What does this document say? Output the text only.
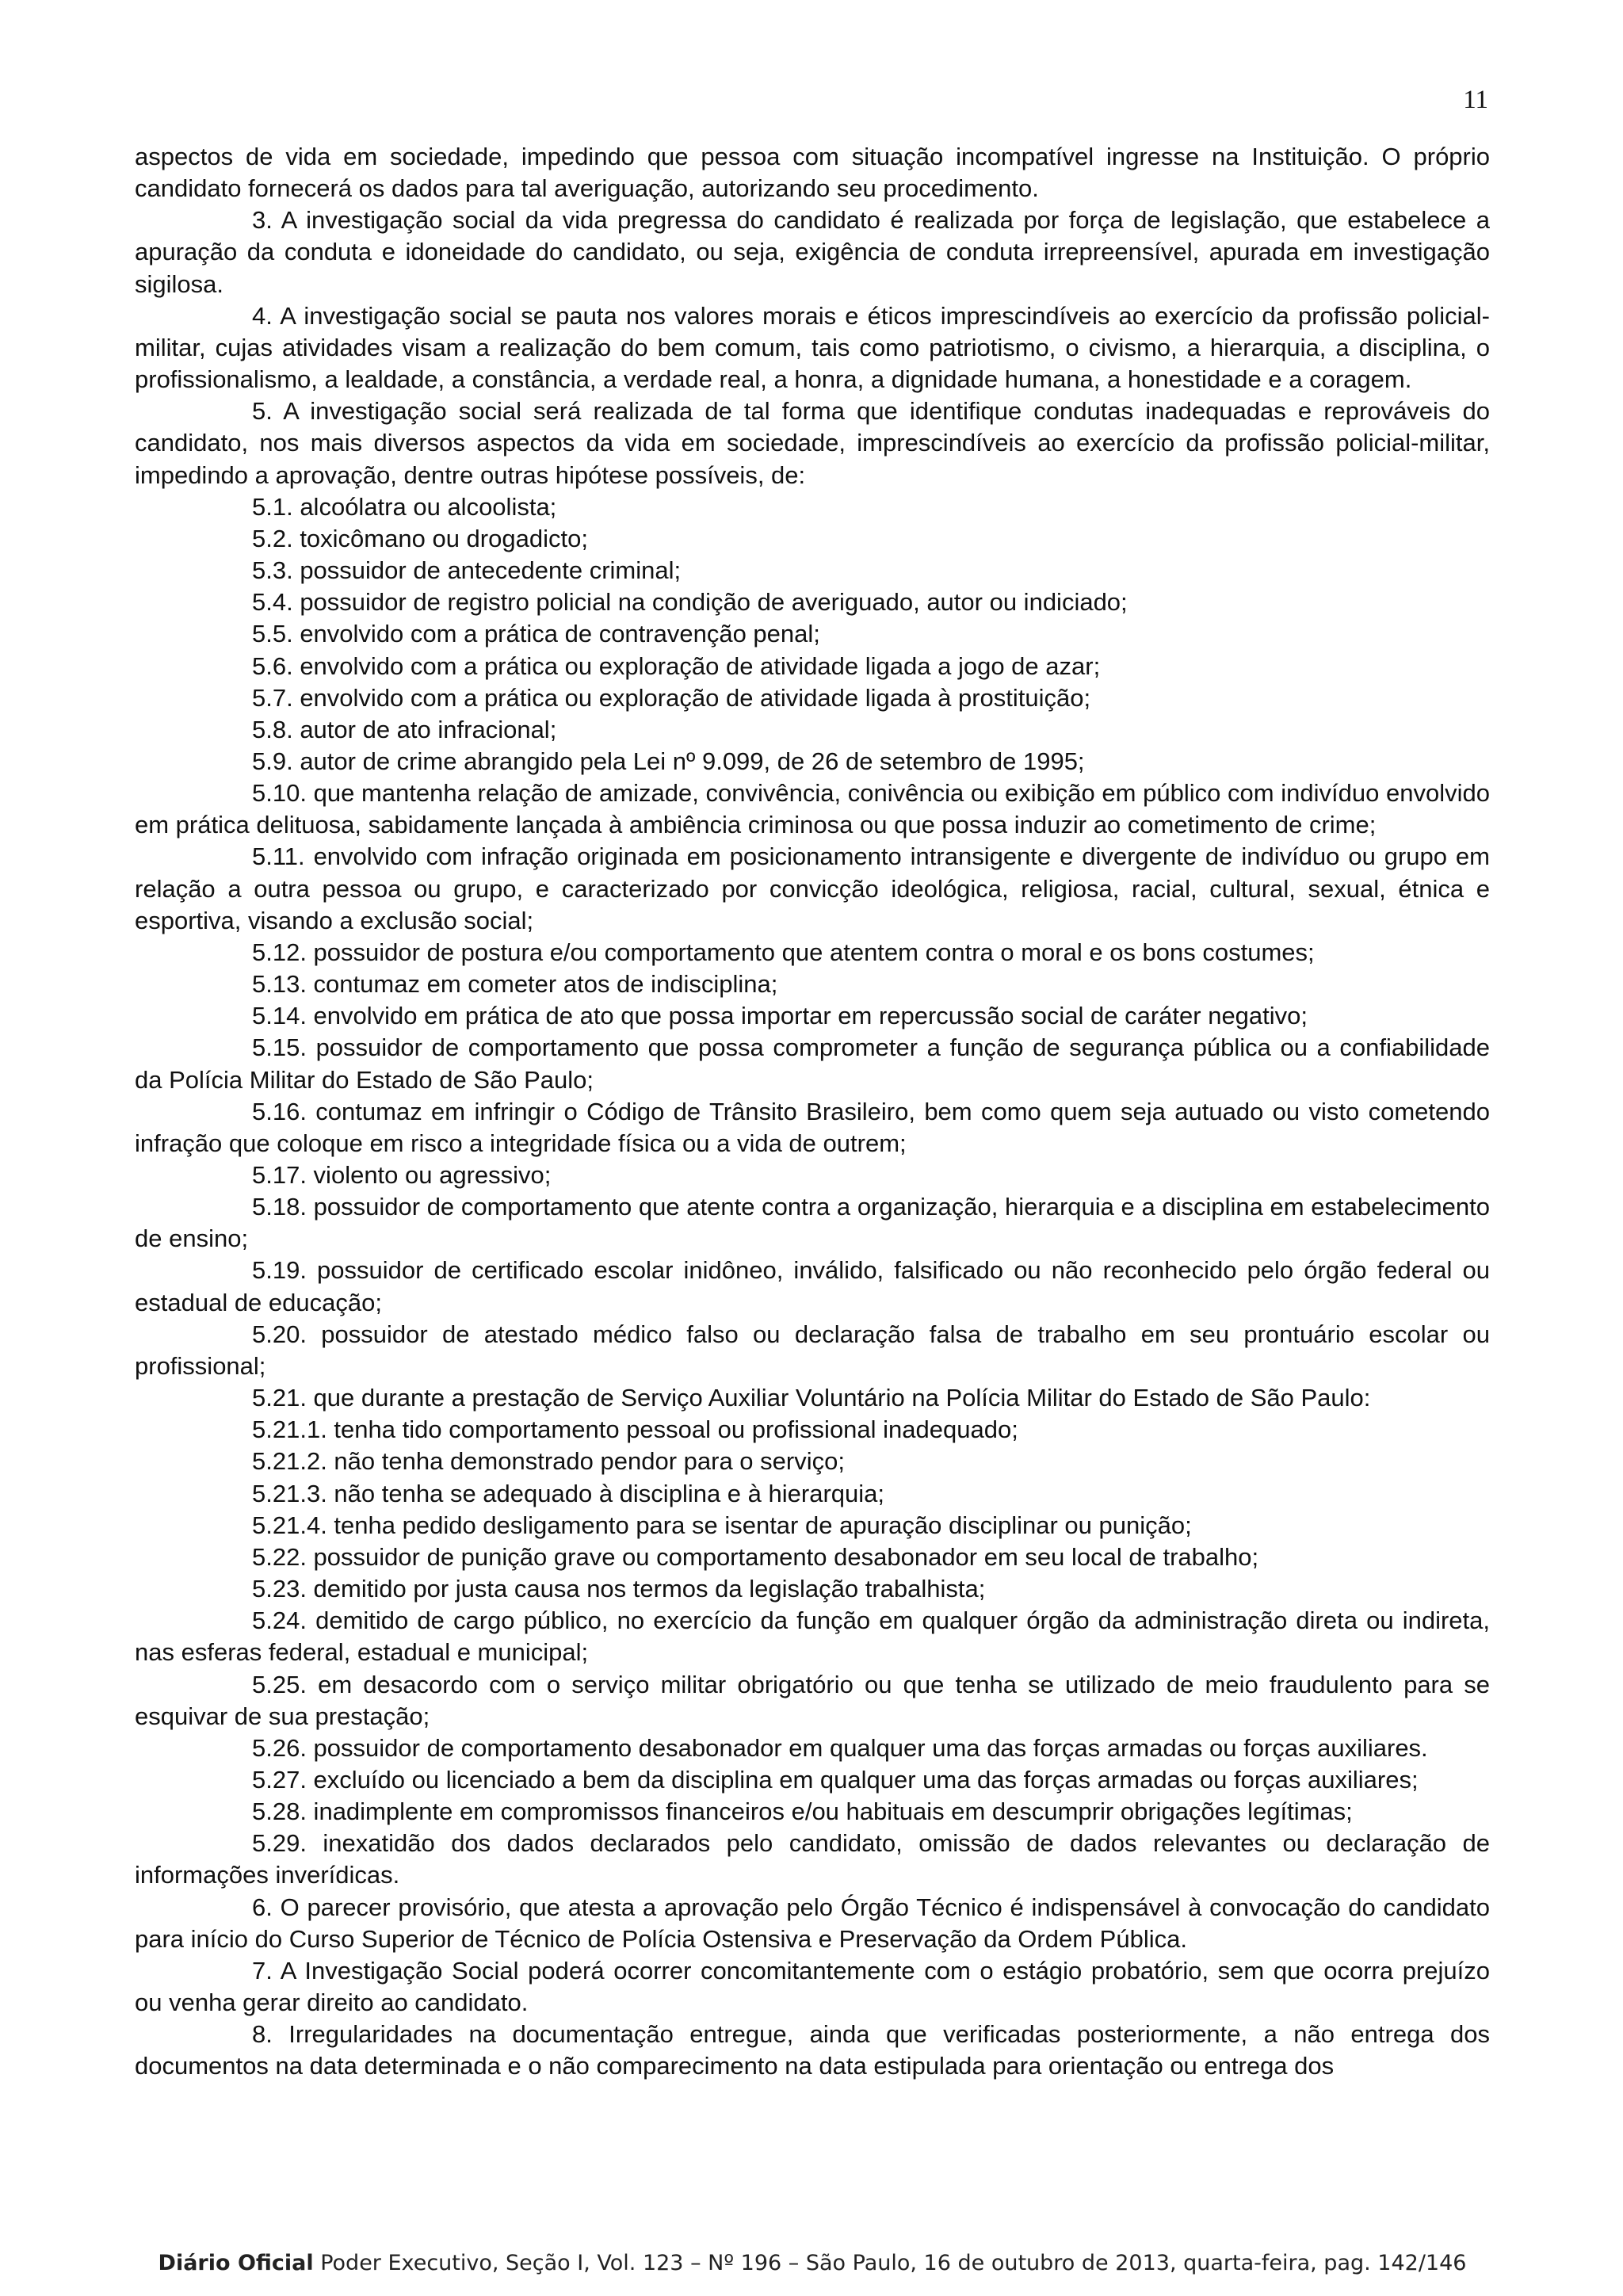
11

aspectos de vida em sociedade, impedindo que pessoa com situação incompatível ingresse na Instituição. O próprio candidato fornecerá os dados para tal averiguação, autorizando seu procedimento.

3. A investigação social da vida pregressa do candidato é realizada por força de legislação, que estabelece a apuração da conduta e idoneidade do candidato, ou seja, exigência de conduta irrepreensível, apurada em investigação sigilosa.

4. A investigação social se pauta nos valores morais e éticos imprescindíveis ao exercício da profissão policial-militar, cujas atividades visam a realização do bem comum, tais como patriotismo, o civismo, a hierarquia, a disciplina, o profissionalismo, a lealdade, a constância, a verdade real, a honra, a dignidade humana, a honestidade e a coragem.

5. A investigação social será realizada de tal forma que identifique condutas inadequadas e reprováveis do candidato, nos mais diversos aspectos da vida em sociedade, imprescindíveis ao exercício da profissão policial-militar, impedindo a aprovação, dentre outras hipótese possíveis, de:

5.1. alcoólatra ou alcoolista;

5.2. toxicômano ou drogadicto;

5.3. possuidor de antecedente criminal;

5.4. possuidor de registro policial na condição de averiguado, autor ou indiciado;

5.5. envolvido com a prática de contravenção penal;

5.6. envolvido com a prática ou exploração de atividade ligada a jogo de azar;

5.7. envolvido com a prática ou exploração de atividade ligada à prostituição;

5.8. autor de ato infracional;

5.9. autor de crime abrangido pela Lei nº 9.099, de 26 de setembro de 1995;

5.10. que mantenha relação de amizade, convivência, conivência ou exibição em público com indivíduo envolvido em prática delituosa, sabidamente lançada à ambiência criminosa ou que possa induzir ao cometimento de crime;

5.11. envolvido com infração originada em posicionamento intransigente e divergente de indivíduo ou grupo em relação a outra pessoa ou grupo, e caracterizado por convicção ideológica, religiosa, racial, cultural, sexual, étnica e esportiva, visando a exclusão social;

5.12. possuidor de postura e/ou comportamento que atentem contra o moral e os bons costumes;

5.13. contumaz em cometer atos de indisciplina;

5.14. envolvido em prática de ato que possa importar em repercussão social de caráter negativo;

5.15. possuidor de comportamento que possa comprometer a função de segurança pública ou a confiabilidade da Polícia Militar do Estado de São Paulo;

5.16. contumaz em infringir o Código de Trânsito Brasileiro, bem como quem seja autuado ou visto cometendo infração que coloque em risco a integridade física ou a vida de outrem;

5.17. violento ou agressivo;

5.18. possuidor de comportamento que atente contra a organização, hierarquia e a disciplina em estabelecimento de ensino;

5.19. possuidor de certificado escolar inidôneo, inválido, falsificado ou não reconhecido pelo órgão federal ou estadual de educação;

5.20. possuidor de atestado médico falso ou declaração falsa de trabalho em seu prontuário escolar ou profissional;

5.21. que durante a prestação de Serviço Auxiliar Voluntário na Polícia Militar do Estado de São Paulo:

5.21.1. tenha tido comportamento pessoal ou profissional inadequado;

5.21.2. não tenha demonstrado pendor para o serviço;

5.21.3. não tenha se adequado à disciplina e à hierarquia;

5.21.4. tenha pedido desligamento para se isentar de apuração disciplinar ou punição;

5.22. possuidor de punição grave ou comportamento desabonador em seu local de trabalho;

5.23. demitido por justa causa nos termos da legislação trabalhista;

5.24. demitido de cargo público, no exercício da função em qualquer órgão da administração direta ou indireta, nas esferas federal, estadual e municipal;

5.25. em desacordo com o serviço militar obrigatório ou que tenha se utilizado de meio fraudulento para se esquivar de sua prestação;

5.26. possuidor de comportamento desabonador em qualquer uma das forças armadas ou forças auxiliares.

5.27. excluído ou licenciado a bem da disciplina em qualquer uma das forças armadas ou forças auxiliares;

5.28. inadimplente em compromissos financeiros e/ou habituais em descumprir obrigações legítimas;

5.29. inexatidão dos dados declarados pelo candidato, omissão de dados relevantes ou declaração de informações inverídicas.

6. O parecer provisório, que atesta a aprovação pelo Órgão Técnico é indispensável à convocação do candidato para início do Curso Superior de Técnico de Polícia Ostensiva e Preservação da Ordem Pública.

7. A Investigação Social poderá ocorrer concomitantemente com o estágio probatório, sem que ocorra prejuízo ou venha gerar direito ao candidato.

8. Irregularidades na documentação entregue, ainda que verificadas posteriormente, a não entrega dos documentos na data determinada e o não comparecimento na data estipulada para orientação ou entrega dos

Diário Oficial Poder Executivo, Seção I, Vol. 123 – Nº 196 – São Paulo, 16 de outubro de 2013, quarta-feira, pag. 142/146
